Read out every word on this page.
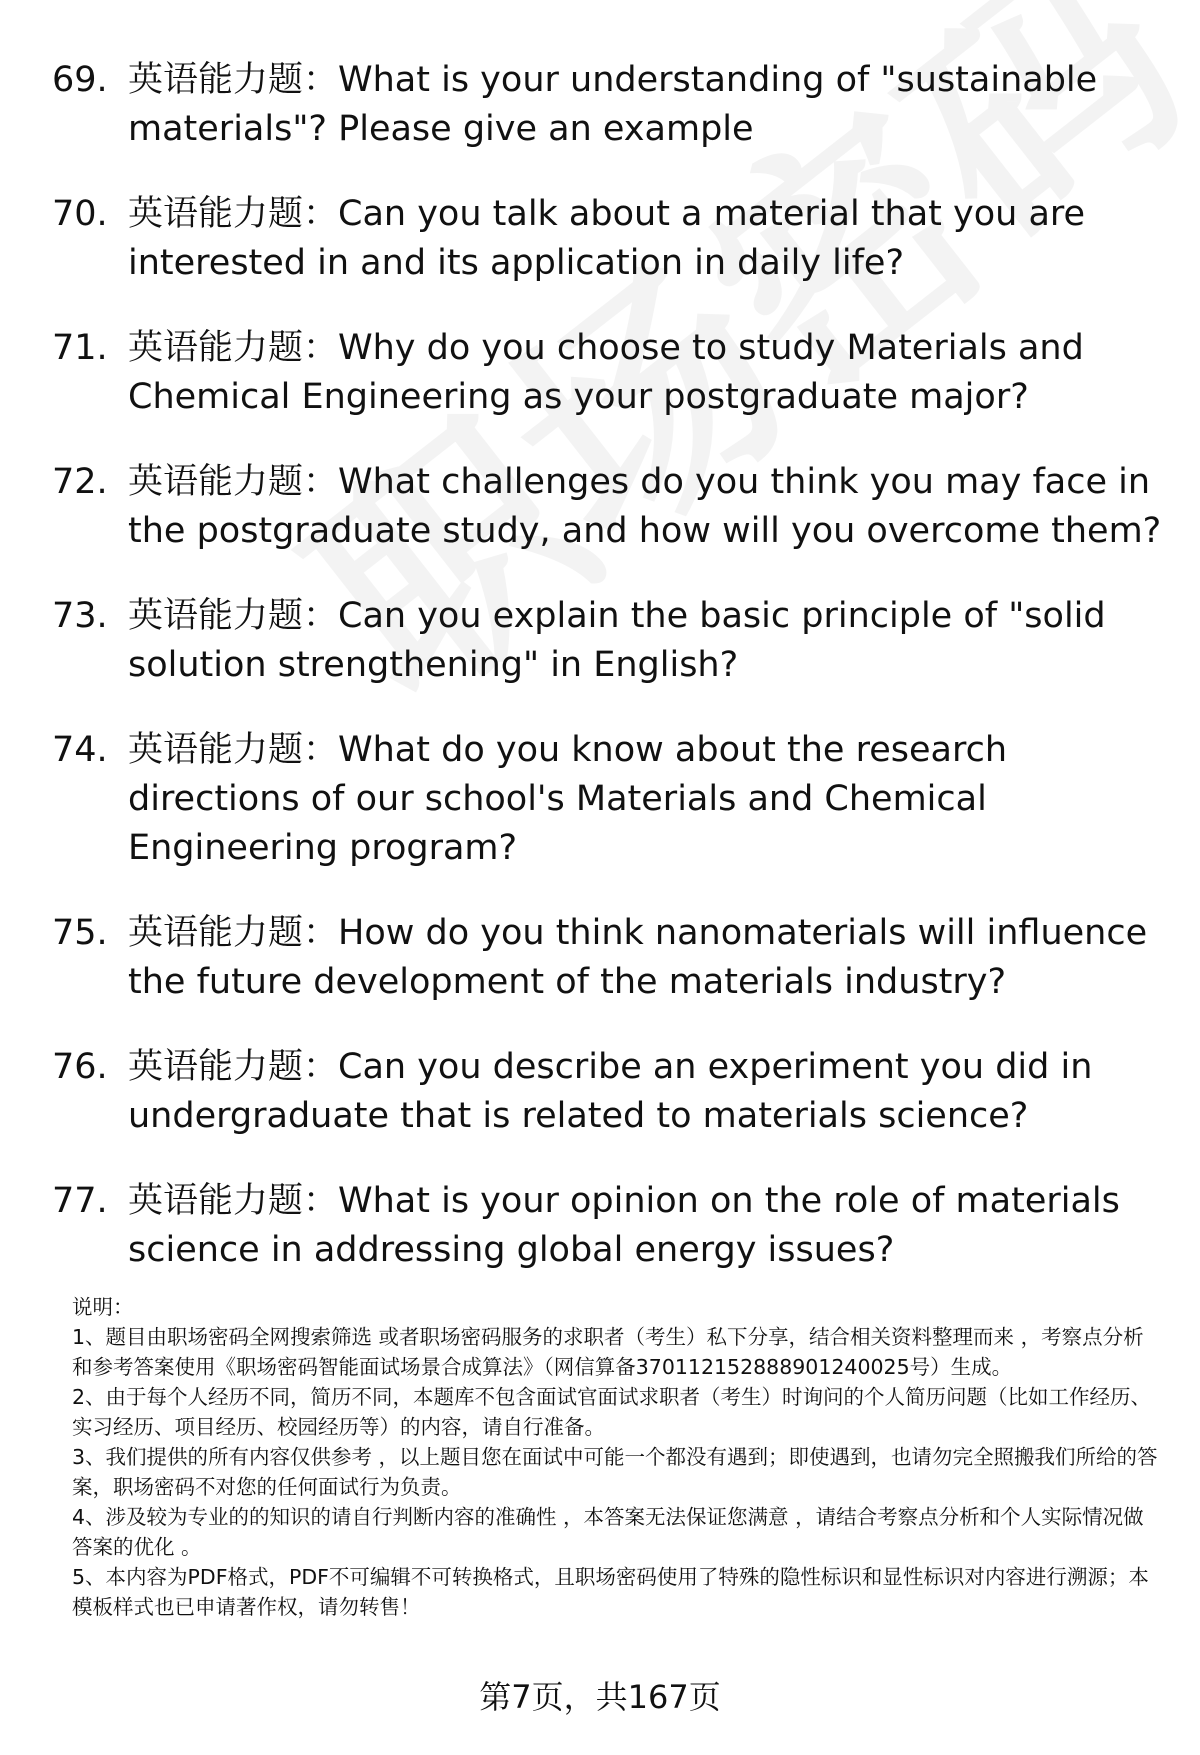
69. 英语能力题：What is your understanding of "sustainable materials"? Please give an example
70. 英语能力题：Can you talk about a material that you are interested in and its application in daily life?
71. 英语能力题：Why do you choose to study Materials and Chemical Engineering as your postgraduate major?
72. 英语能力题：What challenges do you think you may face in the postgraduate study, and how will you overcome them?
73. 英语能力题：Can you explain the basic principle of "solid solution strengthening" in English?
74. 英语能力题：What do you know about the research directions of our school's Materials and Chemical Engineering program?
75. 英语能力题：How do you think nanomaterials will influence the future development of the materials industry?
76. 英语能力题：Can you describe an experiment you did in undergraduate that is related to materials science?
77. 英语能力题：What is your opinion on the role of materials science in addressing global energy issues?

说明：

1、题目由职场密码全网搜索筛选 或者职场密码服务的求职者（考生）私下分享，结合相关资料整理而来 ，考察点分析和参考答案使用《职场密码智能面试场景合成算法》（网信算备370112152888901240025号）生成。

2、由于每个人经历不同，简历不同，本题库不包含面试官面试求职者（考生）时询问的个人简历问题（比如工作经历、实习经历、项目经历、校园经历等）的内容，请自行准备。

3、我们提供的所有内容仅供参考 ，以上题目您在面试中可能一个都没有遇到；即使遇到，也请勿完全照搬我们所给的答案，职场密码不对您的任何面试行为负责。

4、涉及较为专业的的知识的请自行判断内容的准确性 ，本答案无法保证您满意 ，请结合考察点分析和个人实际情况做答案的优化 。

5、本内容为PDF格式，PDF不可编辑不可转换格式，且职场密码使用了特殊的隐性标识和显性标识对内容进行溯源；本模板样式也已申请著作权，请勿转售！

第7页，共167页
